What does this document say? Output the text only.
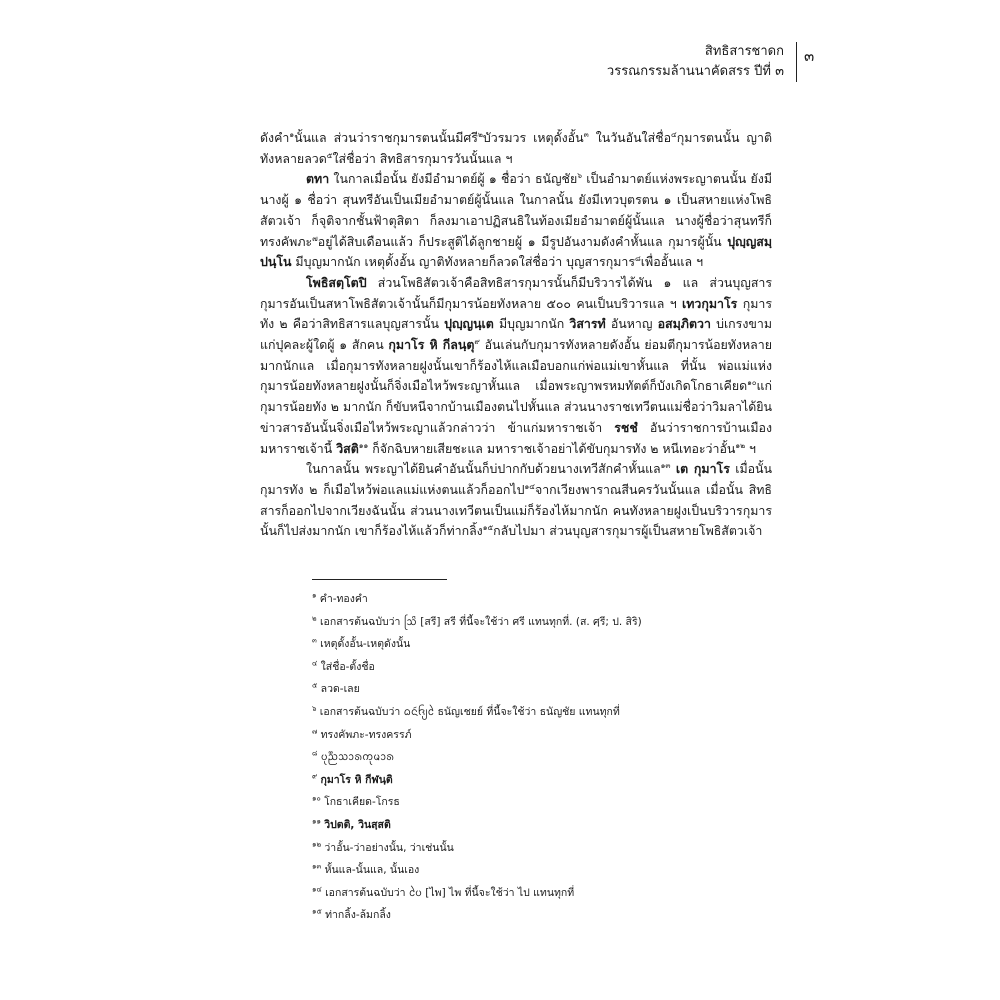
สิทธิสารชาดก
วรรณกรรมล้านนาคัดสรร ปีที่ ๓
๓

ดังคำ$^๑$นั้นแล ส่วนว่าราชกุมารตนนั้นมีศรี$^๒$บัวรมวร เหตุดั้งอั้น$^๓$ ในวันอันใส่ชื่อ$^๔$กุมารตนนั้น ญาติทังหลายลวด$^๕$ใส่ชื่อว่า สิทธิสารกุมารวันนั้นแล ฯ

ตทา ในกาลเมื่อนั้น ยังมีอำมาตย์ผู้ ๑ ชื่อว่า ธนัญชัย$^๖$ เป็นอำมาตย์แห่งพระญาตนนั้น ยังมีนางผู้ ๑ ชื่อว่า สุนทรีอันเป็นเมียอำมาตย์ผู้นั้นแล ในกาลนั้น ยังมีเทวบุตรตน ๑ เป็นสหายแห่งโพธิสัตวเจ้า ก็จุติจากชั้นฟ้าตุสิตา ก็ลงมาเอาปฏิสนธิในท้องเมียอำมาตย์ผู้นั้นแล นางผู้ชื่อว่าสุนทรีก็ทรงคัพภะ$^๗$อยู่ได้สิบเดือนแล้ว ก็ประสูติได้ลูกชายผู้ ๑ มีรูปอันงามดังคำหั้นแล กุมารผู้นั้น ปุญฺญสมฺปนฺโน มีบุญมากนัก เหตุดั้งอั้น ญาติทังหลายก็ลวดใส่ชื่อว่า บุญสารกุมาร$^๘$เพื่ออั้นแล ฯ

โพธิสตฺโตปิ ส่วนโพธิสัตวเจ้าคือสิทธิสารกุมารนั้นก็มีบริวารได้พัน ๑ แล ส่วนบุญสารกุมารอันเป็นสหาโพธิสัตวเจ้านั้นก็มีกุมารน้อยทังหลาย ๕๐๐ คนเป็นบริวารแล ฯ เทวกุมาโร กุมารทัง ๒ คือว่าสิทธิสารแลบุญสารนั้น ปุญฺญนฺเต มีบุญมากนัก วิสารทํ อันหาญ อสมฺภิตวา บ่เกรงขามแก่ปุคละผู้ใดผู้ ๑ สักคน กุมาโร หิ กีลนฺตุ$^๙$ อันเล่นกับกุมารทังหลายดังอั้น ย่อมตีกุมารน้อยทังหลายมากนักแล เมื่อกุมารทังหลายฝูงนั้นเขาก็ร้องไห้แลเมือบอกแก่พ่อแม่เขาหั้นแล ที่นั้น พ่อแม่แห่งกุมารน้อยทังหลายฝูงนั้นก็จิ่งเมือไหว้พระญาหั้นแล เมื่อพระญาพรหมทัตต์ก็บังเกิดโกธาเคียด$^{๑๐}$แก่กุมารน้อยทัง ๒ มากนัก ก็ขับหนีจากบ้านเมืองตนไปหั้นแล ส่วนนางราชเทวีตนแม่ชื่อว่าวิมลาได้ยินข่าวสารอันนั้นจิ่งเมือไหว้พระญาแล้วกล่าวว่า ข้าแก่มหาราชเจ้า รชชํ อันว่าราชการบ้านเมืองมหาราชเจ้านี้ วิสติ$^{๑๑}$ ก็จักฉิบหายเสียชะแล มหาราชเจ้าอย่าได้ขับกุมารทัง ๒ หนีเทอะว่าอั้น$^{๑๒}$ ฯ

ในกาลนั้น พระญาได้ยินคำอันนั้นก็บ่ปากกับด้วยนางเทวีสักคำหั้นแล$^{๑๓}$ เต กุมาโร เมื่อนั้นกุมารทัง ๒ ก็เมือไหว้พ่อแลแม่แห่งตนแล้วก็ออกไป$^{๑๔}$จากเวียงพาราณสีนครวันนั้นแล เมื่อนั้น สิทธิสารก็ออกไปจากเวียงฉันนั้น ส่วนนางเทวีตนเป็นแม่ก็ร้องไห้มากนัก คนทังหลายฝูงเป็นบริวารกุมารนั้นก็ไปส่งมากนัก เขาก็ร้องไห้แล้วก็ท่ากลิ้ง$^{๑๕}$กลับไปมา ส่วนบุญสารกุมารผู้เป็นสหายโพธิสัตวเจ้า

$^๑$ คำ-ทองคำ
$^๒$ เอกสารต้นฉบับว่า ᩈᩕᩦ [สรี] สรี ที่นี้จะใช้ว่า ศรี แทนทุกที่. (ส. ศฺรี; ป. สิริ)
$^๓$ เหตุดั้งอั้น-เหตุดังนั้น
$^๔$ ใส่ชื่อ-ตั้งชื่อ
$^๕$ ลวด-เลย
$^๖$ เอกสารต้นฉบับว่า ᨵᨶᩢᨪ᩠ᨿᩱ ธนัญเชยย์ ที่นี้จะใช้ว่า ธนัญชัย แทนทุกที่
$^๗$ ทรงคัพภะ-ทรงครรภ์
$^๘$ ᨷᩩᨬ᩠ᨬᩈᩣᩁᨠᩩᨾᩣᩁ
$^๙$ กุมาโร หิ กีฬนฺติ
$^{๑๐}$ โกธาเคียด-โกรธ
$^{๑๑}$ วิปตติ, วินสฺสติ
$^{๑๒}$ ว่าอั้น-ว่าอย่างนั้น, ว่าเช่นนั้น
$^{๑๓}$ หั้นแล-นั้นแล, นั้นเอง
$^{๑๔}$ เอกสารต้นฉบับว่า ᨷᩱ [ไพ] ไพ ที่นี้จะใช้ว่า ไป แทนทุกที่
$^{๑๕}$ ท่ากลิ้ง-ล้มกลิ้ง
